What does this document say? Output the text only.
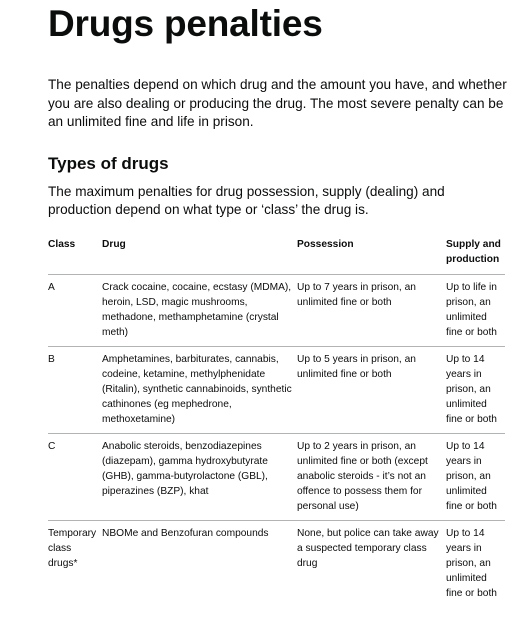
Drugs penalties

The penalties depend on which drug and the amount you have, and whether you are also dealing or producing the drug. The most severe penalty can be an unlimited fine and life in prison.

Types of drugs

The maximum penalties for drug possession, supply (dealing) and production depend on what type or ‘class’ the drug is.

Class	Drug	Possession	Supply and production
A	Crack cocaine, cocaine, ecstasy (MDMA), heroin, LSD, magic mushrooms, methadone, methamphetamine (crystal meth)	Up to 7 years in prison, an unlimited fine or both	Up to life in prison, an unlimited fine or both
B	Amphetamines, barbiturates, cannabis, codeine, ketamine, methylphenidate (Ritalin), synthetic cannabinoids, synthetic cathinones (eg mephedrone, methoxetamine)	Up to 5 years in prison, an unlimited fine or both	Up to 14 years in prison, an unlimited fine or both
C	Anabolic steroids, benzodiazepines (diazepam), gamma hydroxybutyrate (GHB), gamma-butyrolactone (GBL), piperazines (BZP), khat	Up to 2 years in prison, an unlimited fine or both (except anabolic steroids - it’s not an offence to possess them for personal use)	Up to 14 years in prison, an unlimited fine or both
Temporary class drugs*	NBOMe and Benzofuran compounds	None, but police can take away a suspected temporary class drug	Up to 14 years in prison, an unlimited fine or both
